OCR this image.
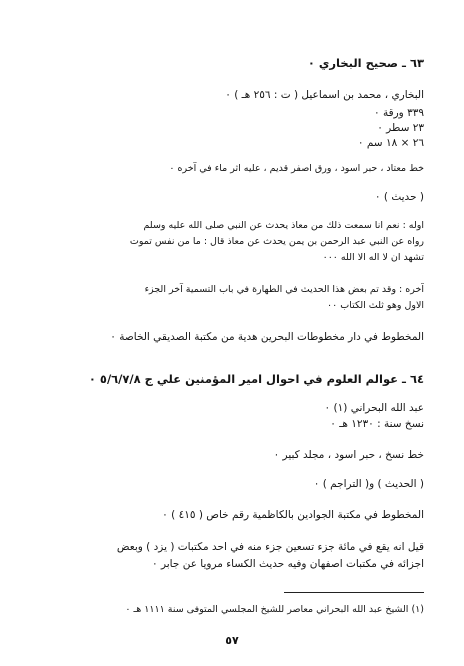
٦٣ ـ صحيح البخاري ٠
البخاري ، محمد بن اسماعيل ( ت : ٢٥٦ هـ ) ٠
٣٣٩ ورقة ٠
٢٣ سطر ٠
٢٦ × ١٨ سم ٠
خط معتاد ، حبر اسود ، ورق اصفر قديم ، عليه اثر ماء في آخره ٠
( حديث ) ٠
اوله : نعم انا سمعت ذلك من معاذ يحدث عن النبي صلى الله عليه وسلم
رواه عن النبي عبد الرحمن بن يمن يحدث عن معاذ قال : ما من نفس تموت
تشهد ان لا اله الا الله ٠٠٠
آخره : وقد تم بعض هذا الحديث في الطهارة في باب التسمية آخر الجزء
الاول وهو ثلث الكتاب ٠٠
المخطوط في دار مخطوطات البحرين هدية من مكتبة الصديقي الخاصة ٠
٦٤ ـ عوالم العلوم في احوال امير المؤمنين علي ج ٥/٦/٧/٨ ٠
عبد الله البحراني (١) ٠
نسخ سنة : ١٢٣٠ هـ ٠
خط نسخ ، حبر اسود ، مجلد كبير ٠
( الحديث ) و( التراجم ) ٠
المخطوط في مكتبة الجوادين بالكاظمية رقم خاص ( ٤١٥ ) ٠
قيل انه يقع في مائة جزء تسعين جزء منه في احد مكتبات ( يزد ) وبعض
اجزائه في مكتبات اصفهان وفيه حديث الكساء مرويا عن جابر ٠
(١) الشيخ عبد الله البحراني معاصر للشيخ المجلسي المتوفى سنة ١١١١ هـ ٠
٥٧
